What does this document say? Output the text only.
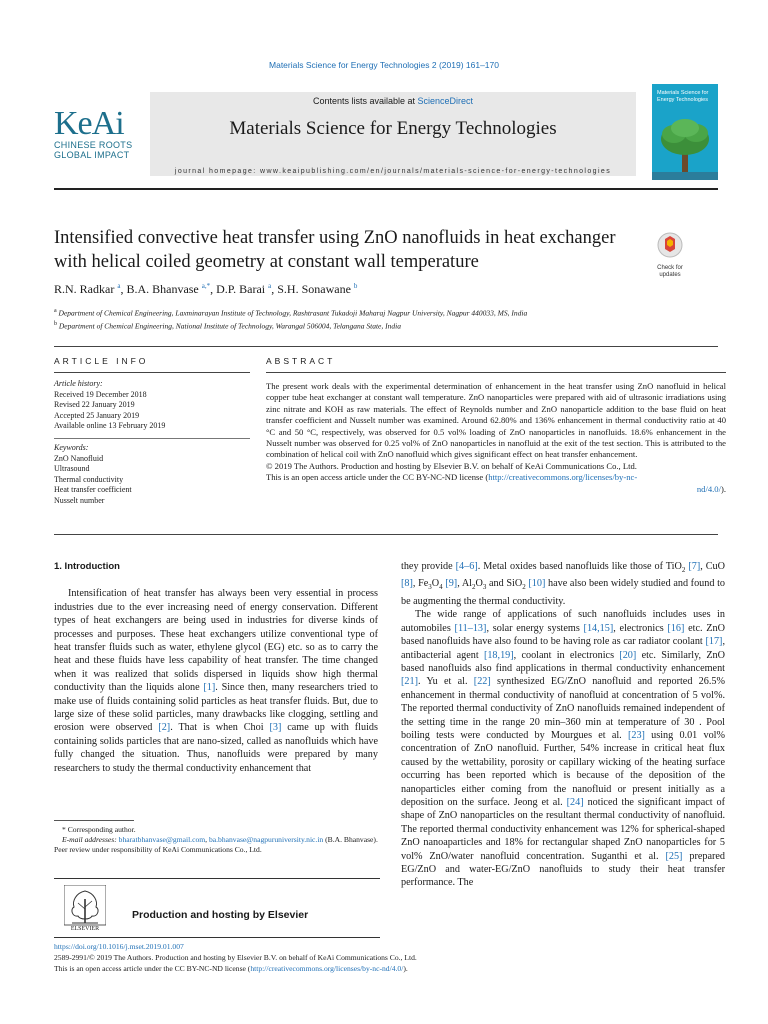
Materials Science for Energy Technologies 2 (2019) 161–170
KeAi
CHINESE ROOTS
GLOBAL IMPACT
Contents lists available at ScienceDirect
Materials Science for Energy Technologies
journal homepage: www.keaipublishing.com/en/journals/materials-science-for-energy-technologies
Materials Science for Energy Technologies
Intensified convective heat transfer using ZnO nanofluids in heat exchanger with helical coiled geometry at constant wall temperature	Check for updates
R.N. Radkar $^a$, B.A. Bhanvase $^{a,*}$, D.P. Barai $^a$, S.H. Sonawane $^b$
$^a$ Department of Chemical Engineering, Laxminarayan Institute of Technology, Rashtrasant Tukadoji Maharaj Nagpur University, Nagpur 440033, MS, India
$^b$ Department of Chemical Engineering, National Institute of Technology, Warangal 506004, Telangana State, India
ARTICLE INFO
Article history:
Received 19 December 2018
Revised 22 January 2019
Accepted 25 January 2019
Available online 13 February 2019
Keywords:
ZnO Nanofluid
Ultrasound
Thermal conductivity
Heat transfer coefficient
Nusselt number
ABSTRACT
The present work deals with the experimental determination of enhancement in the heat transfer using ZnO nanofluid in helical copper tube heat exchanger at constant wall temperature. ZnO nanoparticles were prepared with aid of ultrasonic irradiations using zinc nitrate and KOH as raw materials. The effect of Reynolds number and ZnO nanoparticle addition to the base fluid on heat transfer coefficient and Nusselt number was examined. Around 62.80% and 136% enhancement in thermal conductivity ratio at 40 °C and 50 °C, respectively, was observed for 0.5 vol% loading of ZnO nanoparticles in nanofluids. 18.6% enhancement in the Nusselt number was observed for 0.25 vol% of ZnO nanoparticles in nanofluid at the exit of the test section. This is attributed to the combination of helical coil with ZnO nanofluid which gives significant effect on heat transfer enhancement.
© 2019 The Authors. Production and hosting by Elsevier B.V. on behalf of KeAi Communications Co., Ltd.
This is an open access article under the CC BY-NC-ND license (http://creativecommons.org/licenses/by-nc-
nd/4.0/).
1. Introduction

Intensification of heat transfer has always been very essential in process industries due to the ever increasing need of energy conservation. Different types of heat exchangers are being used in industries for diverse kinds of processes and purposes. These heat exchangers utilize conventional type of heat transfer fluids such as water, ethylene glycol (EG) etc. so as to carry the heat and these fluids have less capability of heat transfer. The time changed when it was realized that solids dispersed in liquids show high thermal conductivity than the liquids alone [1]. Since then, many researchers tried to make use of fluids containing solid particles as heat transfer fluids. But, due to large size of these solid particles, many drawbacks like clogging, settling and erosion were observed [2]. That is when Choi [3] came up with fluids containing solids particles that are nano-sized, called as nanofluids which have fully changed the situation. Thus, nanofluids were prepared by many researchers to study the thermal conductivity enhancement that

they provide [4–6]. Metal oxides based nanofluids like those of TiO$_2$ [7], CuO [8], $Fe_3O_4$ [9], $Al_2O_3$ and SiO$_2$ [10] have also been widely studied and found to be augmenting the thermal conductivity.

The wide range of applications of such nanofluids includes uses in automobiles [11–13], solar energy systems [14,15], electronics [16] etc. ZnO based nanofluids have also found to be having role as car radiator coolant [17], antibacterial agent [18,19], coolant in electronics [20] etc. Similarly, ZnO based nanofluids also find applications in thermal conductivity enhancement [21]. Yu et al. [22] synthesized EG/ZnO nanofluid and reported 26.5% enhancement in thermal conductivity of nanofluid at concentration of 5 vol%. The reported thermal conductivity of ZnO nanofluids remained independent of the setting time in the range 20 min–360 min at temperature of 30 . Pool boiling tests were conducted by Mourgues et al. [23] using 0.01 vol% concentration of ZnO nanofluid. Further, 54% increase in critical heat flux caused by the wettability, porosity or capillary wicking of the heating surface occurring has been reported which is because of the deposition of the nanoparticles either coming from the nanofluid or present initially as a deposition on the surface. Jeong et al. [24] noticed the significant impact of shape of ZnO nanoparticles on the resultant thermal conductivity of nanofluid. The reported thermal conductivity enhancement was 12% for spherical-shaped ZnO nanoaparticles and 18% for rectangular shaped ZnO nanoparticles for 5 vol% ZnO/water nanofluid concentration. Suganthi et al. [25] prepared EG/ZnO and water-EG/ZnO nanofluids to study their heat transfer performance. The

* Corresponding author.
E-mail addresses: bharatbhanvase@gmail.com, ba.bhanvase@nagpuruniversity.nic.in (B.A. Bhanvase).
Peer review under responsibility of KeAi Communications Co., Ltd.
ELSEVIER
Production and hosting by Elsevier
https://doi.org/10.1016/j.mset.2019.01.007
2589-2991/© 2019 The Authors. Production and hosting by Elsevier B.V. on behalf of KeAi Communications Co., Ltd.
This is an open access article under the CC BY-NC-ND license (http://creativecommons.org/licenses/by-nc-nd/4.0/).
